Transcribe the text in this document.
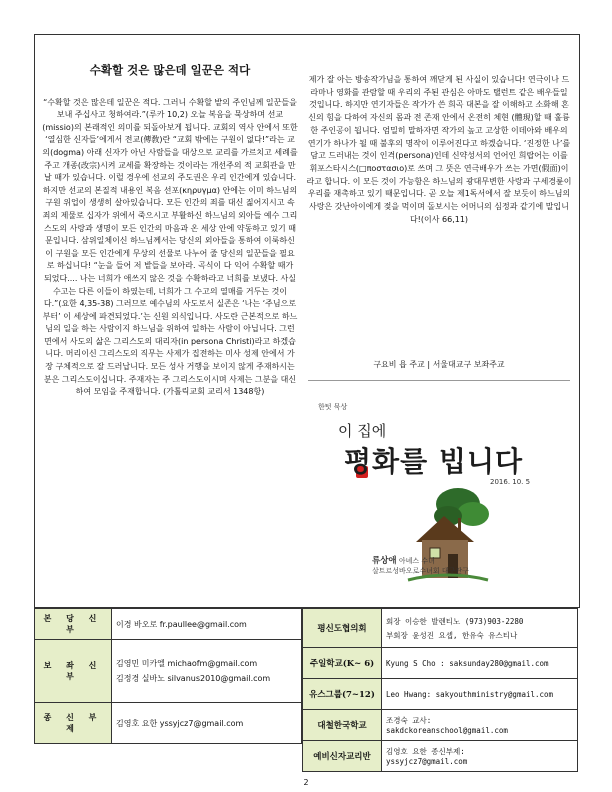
수확할 것은 많은데 일꾼은 적다

“수확할 것은 많은데 일꾼은 적다. 그러니 수확할 밭의 주인님께 일꾼들을 보내 주십사고 청하여라.”(루카 10,2) 오늘 복음을 묵상하며 선교(missio)의 본래적인 의미를 되돌아보게 됩니다. 교회의 역사 안에서 또한 ‘열심한 신자들’에게서 전교(傳敎)란 “교회 밖에는 구원이 없다!”라는 교의(dogma) 아래 신자가 아닌 사람들을 대상으로 교리를 가르치고 세례를 주고 개종(改宗)시켜 교세를 확장하는 것이라는 개선주의 적 교회관을 만날 때가 있습니다. 이럴 경우에 선교의 주도권은 우리 인간에게 있습니다. 하지만 선교의 본질적 내용인 복음 선포(κηρυγμα) 안에는 이미 하느님의 구원 위업이 생생히 살아있습니다. 모든 인간의 죄를 대신 짊어지시고 속죄의 제물로 십자가 위에서 죽으시고 부활하신 하느님의 외아들 예수 그리스도의 사랑과 생명이 모든 인간의 마음과 온 세상 안에 약동하고 있기 때문입니다. 삼위일체이신 하느님께서는 당신의 외아들을 통하여 이룩하신 이 구원을 모든 인간에게 무상의 선물로 나누어 줄 당신의 일꾼들을 필요로 하십니다! “눈을 들어 저 밭들을 보아라. 곡식이 다 익어 수확할 때가 되었다.... 나는 너희가 애쓰지 않은 것을 수확하라고 너희를 보냈다. 사실 수고는 다른 이들이 하였는데, 너희가 그 수고의 열매를 거두는 것이다.”(요한 4,35-38) 그러므로 예수님의 사도로서 실존은 ‘나는 ‘주님으로부터’ 이 세상에 파견되었다.’는 신원 의식입니다. 사도란 근본적으로 하느님의 일을 하는 사람이지 하느님을 위하여 일하는 사람이 아닙니다. 그런 면에서 사도의 삶은 그리스도의 대리자(in persona Christi)라고 하겠습니다. 머리이신 그리스도의 직무는 사제가 집전하는 미사 성제 안에서 가장 구체적으로 잘 드러납니다. 모든 성사 거행을 보이지 않게 주재하시는 분은 그리스도이십니다. 주재자는 주 그리스도이시며 사제는 그분을 대신하여 모임을 주재합니다. (가톨릭교회 교리서 1348항)

제가 잘 아는 방송작가님을 통하여 깨닫게 된 사실이 있습니다! 연극이나 드라마나 영화를 관람할 때 우리의 주된 관심은 아마도 탤런트 같은 배우들일 것입니다. 하지만 연기자들은 작가가 쓴 희곡 대본을 잘 이해하고 소화해 혼신의 힘을 다하여 자신의 몸과 전 존재 안에서 온전히 체현 (體現)할 때 훌륭한 주인공이 됩니다. 엄밀히 말하자면 작가의 높고 고상한 이데아와 배우의 연기가 하나가 될 때 불후의 명작이 이루어진다고 하겠습니다. ‘진정한 나’를 담고 드러내는 것이 인격(persona)인데 신약성서의 언어인 희랍어는 이를 휘포스타시스(□πoστασιo)로 쓰며 그 뜻은 연극배우가 쓰는 가면(假面)이라고 합니다. 이 모든 것이 가능함은 하느님의 광대무변한 사랑과 구세경륜이 우리를 재촉하고 있기 때문입니다. 곧 오늘 제1독서에서 잘 보듯이 하느님의 사랑은 갓난아이에게 젖을 먹이며 돌보시는 어머니의 심정과 같기에 말입니다!(이사 66,11)

구요비 욥 주교 | 서울대교구 보좌주교
한텃 묵상
이 집에
평화를 빕니다
2016. 10. 5
류상애 아녜스 수녀
살트르성바오로수녀회 대구관구
본 당 신 부	이경 바오로 fr.paullee@gmail.com
보 좌 신 부	김영민 미카엘 michaofm@gmail.com
김정경 실바노 silvanus2010@gmail.com

종 신 부 제	김영호 요한 yssyjcz7@gmail.com
평신도협의회	회장 이승한 발렌티노 (973)903-2280
부회장 윤성진 요셉, 한유숙 유스티나

주일학교(K~ 6)	Kyung S Cho : saksunday280@gmail.com
유스그룹(7~12)	Leo Hwang: sakyouthministry@gmail.com
대철한국학교	조경숙 교사:
sakdckoreanschool@gmail.com

예비신자교리반	김영호 요한 종신부제:
yssyjcz7@gmail.com
2
